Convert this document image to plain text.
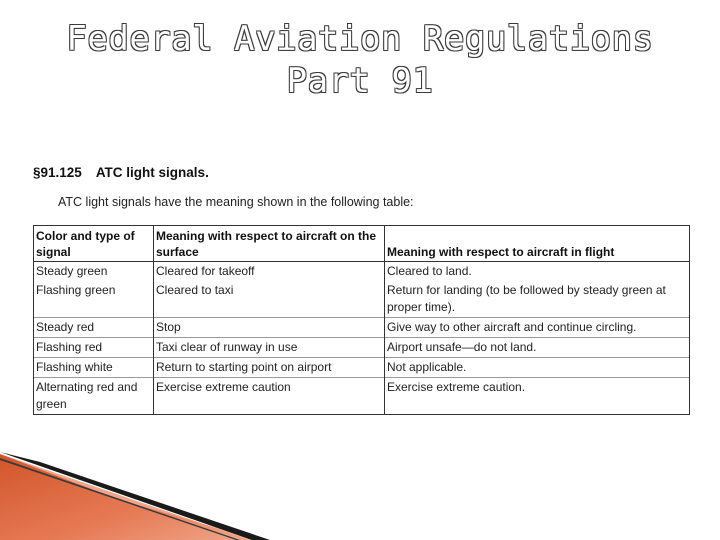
Federal Aviation Regulations
Part 91
§91.125 ATC light signals.
ATC light signals have the meaning shown in the following table:
Color and type of signal	Meaning with respect to aircraft on the surface	Meaning with respect to aircraft in flight
Steady green	Cleared for takeoff	Cleared to land.
Flashing green	Cleared to taxi	Return for landing (to be followed by steady green at proper time).
Steady red	Stop	Give way to other aircraft and continue circling.
Flashing red	Taxi clear of runway in use	Airport unsafe—do not land.
Flashing white	Return to starting point on airport	Not applicable.
Alternating red and green	Exercise extreme caution	Exercise extreme caution.
